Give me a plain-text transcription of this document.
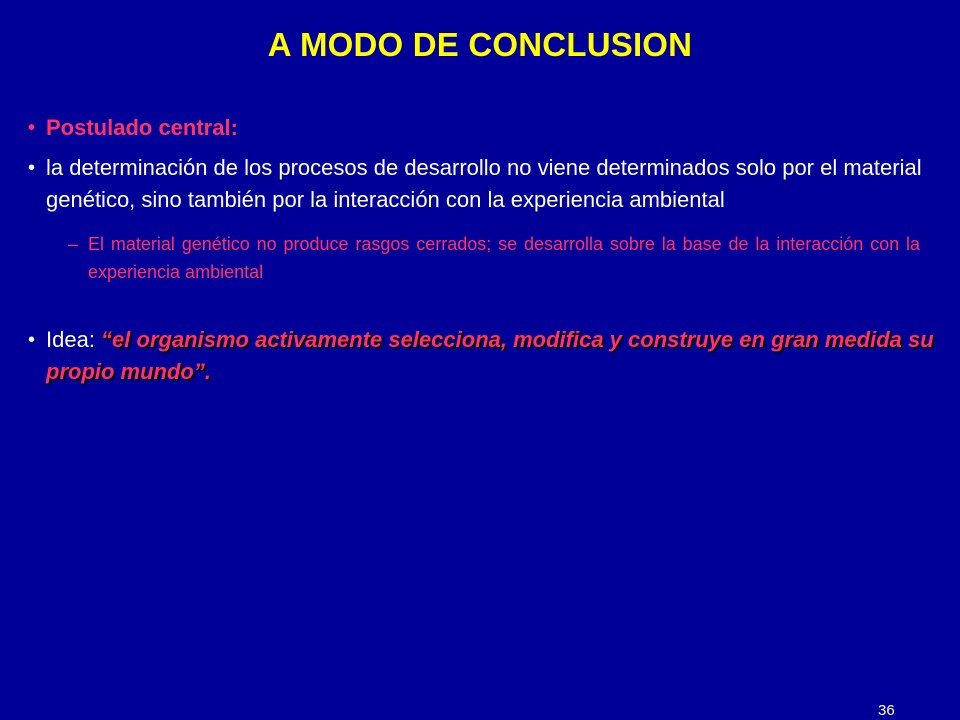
A MODO DE CONCLUSION
• Postulado central:
• la determinación de los procesos de desarrollo no viene determinados solo por el material genético, sino también por la interacción con la experiencia ambiental
– El material genético no produce rasgos cerrados; se desarrolla sobre la base de la interacción con la experiencia ambiental
• Idea: “el organismo activamente selecciona, modifica y construye en gran medida su propio mundo”.
36
